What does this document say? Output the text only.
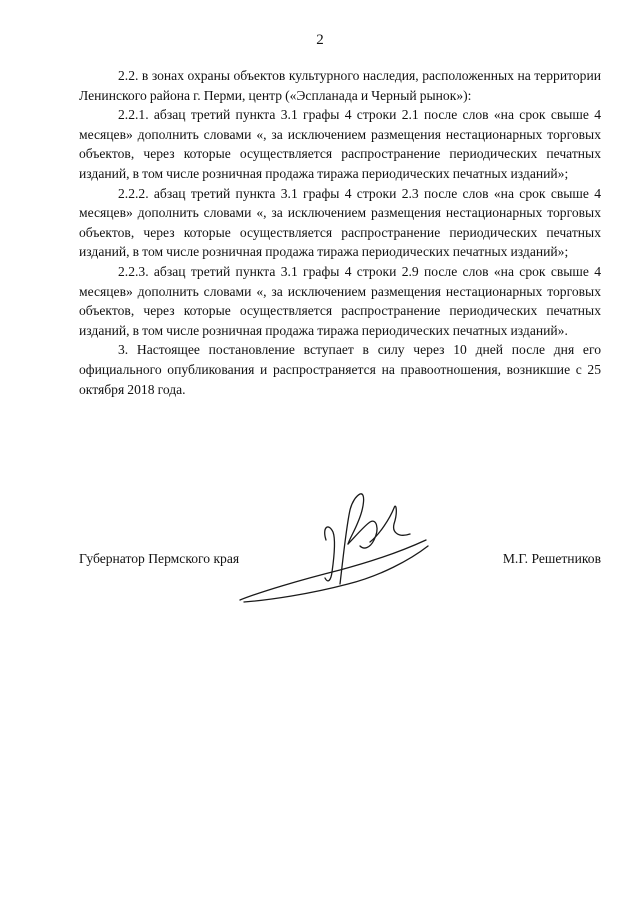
2

2.2. в зонах охраны объектов культурного наследия, расположенных на территории Ленинского района г. Перми, центр («Эспланада и Черный рынок»):

2.2.1. абзац третий пункта 3.1 графы 4 строки 2.1 после слов «на срок свыше 4 месяцев» дополнить словами «, за исключением размещения нестационарных торговых объектов, через которые осуществляется распространение периодических печатных изданий, в том числе розничная продажа тиража периодических печатных изданий»;

2.2.2. абзац третий пункта 3.1 графы 4 строки 2.3 после слов «на срок свыше 4 месяцев» дополнить словами «, за исключением размещения нестационарных торговых объектов, через которые осуществляется распространение периодических печатных изданий, в том числе розничная продажа тиража периодических печатных изданий»;

2.2.3. абзац третий пункта 3.1 графы 4 строки 2.9 после слов «на срок свыше 4 месяцев» дополнить словами «, за исключением размещения нестационарных торговых объектов, через которые осуществляется распространение периодических печатных изданий, в том числе розничная продажа тиража периодических печатных изданий».

3. Настоящее постановление вступает в силу через 10 дней после дня его официального опубликования и распространяется на правоотношения, возникшие с 25 октября 2018 года.

Губернатор Пермского края	М.Г. Решетников
